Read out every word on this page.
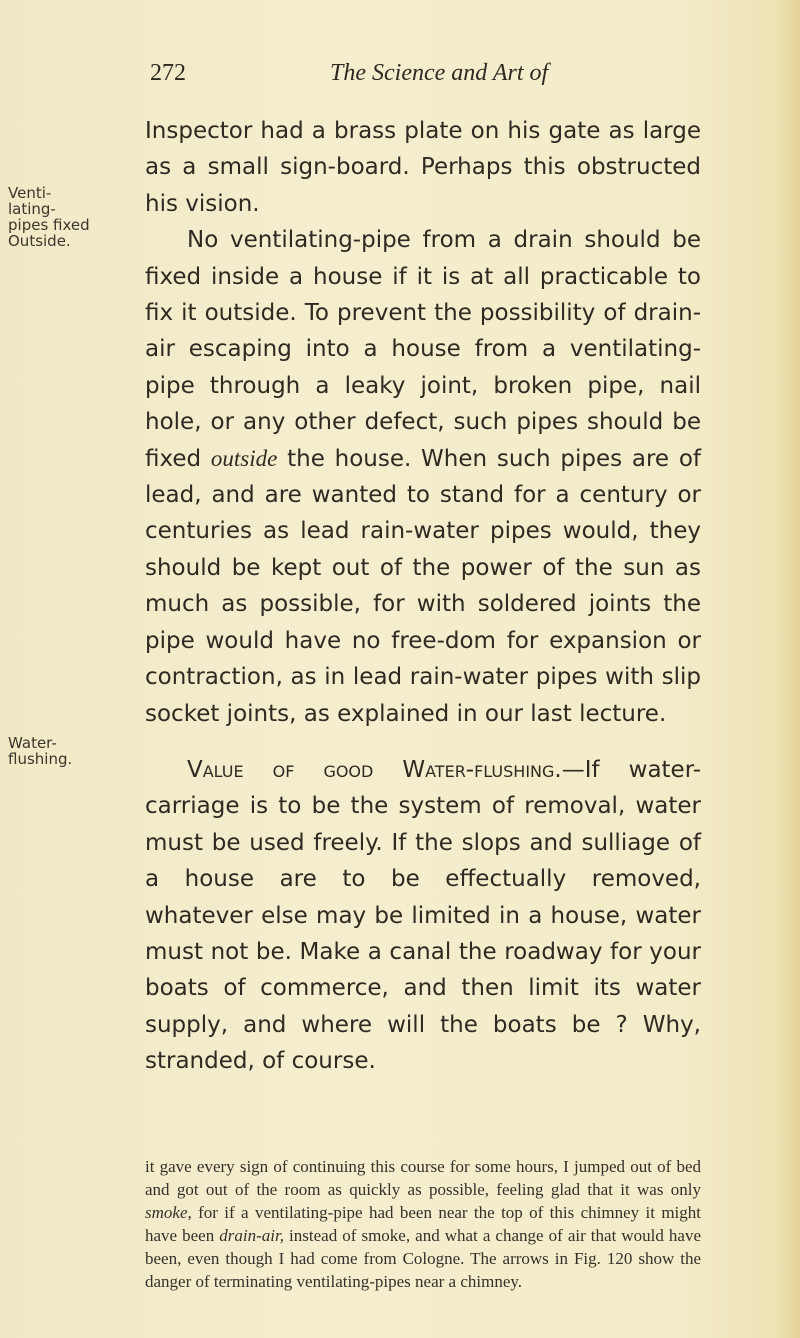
272	The Science and Art of
Venti-
lating-
pipes fixed
Outside.
Water-
flushing.

Inspector had a brass plate on his gate as large as a small sign-board. Perhaps this obstructed his vision.

No ventilating-pipe from a drain should be fixed inside a house if it is at all practicable to fix it outside. To prevent the possibility of drain-air escaping into a house from a ventilating-pipe through a leaky joint, broken pipe, nail hole, or any other defect, such pipes should be fixed outside the house. When such pipes are of lead, and are wanted to stand for a century or centuries as lead rain-water pipes would, they should be kept out of the power of the sun as much as possible, for with soldered joints the pipe would have no free-dom for expansion or contraction, as in lead rain-water pipes with slip socket joints, as explained in our last lecture.

Value of good Water-flushing.—If water-carriage is to be the system of removal, water must be used freely. If the slops and sulliage of a house are to be effectually removed, whatever else may be limited in a house, water must not be. Make a canal the roadway for your boats of commerce, and then limit its water supply, and where will the boats be ? Why, stranded, of course.

it gave every sign of continuing this course for some hours, I jumped out of bed and got out of the room as quickly as possible, feeling glad that it was only smoke, for if a ventilating-pipe had been near the top of this chimney it might have been drain-air, instead of smoke, and what a change of air that would have been, even though I had come from Cologne. The arrows in Fig. 120 show the danger of terminating ventilating-pipes near a chimney.
